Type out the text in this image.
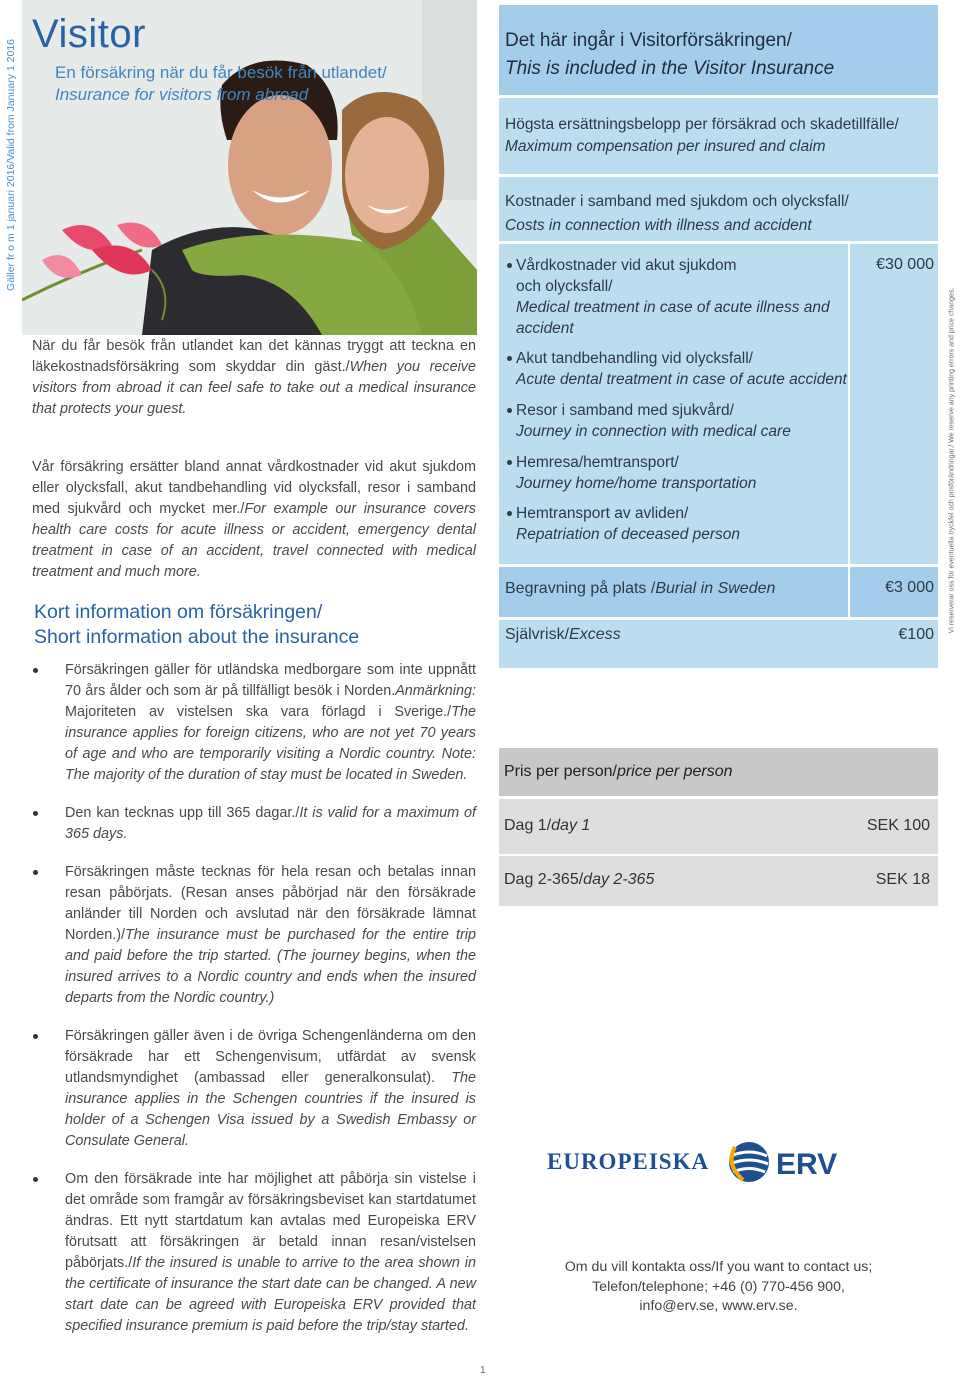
Gäller fr o m 1 januari 2016/Valid from January 1 2016
Vi reserverar oss för eventuella tryckfel och prisförändringar./ We reserve any printing errors and price changes.
Visitor
En försäkring när du får besök från utlandet/
Insurance for visitors from abroad

När du får besök från utlandet kan det kännas tryggt att teckna en läkekostnadsförsäkring som skyddar din gäst./When you receive visitors from abroad it can feel safe to take out a medical insurance that protects your guest.

Vår försäkring ersätter bland annat vårdkostnader vid akut sjukdom eller olycksfall, akut tandbehandling vid olycksfall, resor i samband med sjukvård och mycket mer./For example our insurance covers health care costs for acute illness or accident, emergency dental treatment in case of an accident, travel connected with medical treatment and much more.

Kort information om försäkringen/
Short information about the insurance
Försäkringen gäller för utländska medborgare som inte uppnått 70 års ålder och som är på tillfälligt besök i Norden.Anmärkning: Majoriteten av vistelsen ska vara förlagd i Sverige./The insurance applies for foreign citizens, who are not yet 70 years of age and who are temporarily visiting a Nordic country. Note: The majority of the duration of stay must be located in Sweden.
Den kan tecknas upp till 365 dagar./It is valid for a maximum of 365 days.
Försäkringen måste tecknas för hela resan och betalas innan resan påbörjats. (Resan anses påbörjad när den försäkrade anländer till Norden och avslutad när den försäkrade lämnat Norden.)/The insurance must be purchased for the entire trip and paid before the trip started. (The journey begins, when the insured arrives to a Nordic country and ends when the insured departs from the Nordic country.)
Försäkringen gäller även i de övriga Schengenländerna om den försäkrade har ett Schengenvisum, utfärdat av svensk utlandsmyndighet (ambassad eller generalkonsulat). The insurance applies in the Schengen countries if the insured is holder of a Schengen Visa issued by a Swedish Embassy or Consulate General.
Om den försäkrade inte har möjlighet att påbörja sin vistelse i det område som framgår av försäkringsbeviset kan startdatumet ändras. Ett nytt startdatum kan avtalas med Europeiska ERV förutsatt att försäkringen är betald innan resan/vistelsen påbörjats./If the insured is unable to arrive to the area shown in the certificate of insurance the start date can be changed. A new start date can be agreed with Europeiska ERV provided that specified insurance premium is paid before the trip/stay started.
Det här ingår i Visitorförsäkringen/
This is included in the Visitor Insurance
Högsta ersättningsbelopp per försäkrad och skadetillfälle/
Maximum compensation per insured and claim
Kostnader i samband med sjukdom och olycksfall/
Costs in connection with illness and accident
€30 000
Vårdkostnader vid akut sjukdom och olycksfall/
Medical treatment in case of acute illness and accident
Akut tandbehandling vid olycksfall/
Acute dental treatment in case of acute accident
Resor i samband med sjukvård/
Journey in connection with medical care
Hemresa/hemtransport/
Journey home/home transportation
Hemtransport av avliden/
Repatriation of deceased person
Begravning på plats /Burial in Sweden	€3 000
Självrisk/Excess	€100
Pris per person/price per person
Dag 1/day 1	SEK 100
Dag 2-365/day 2-365	SEK 18
EUROPEISKA ERV
Om du vill kontakta oss/If you want to contact us;
Telefon/telephone; +46 (0) 770-456 900,
info@erv.se, www.erv.se.
1
